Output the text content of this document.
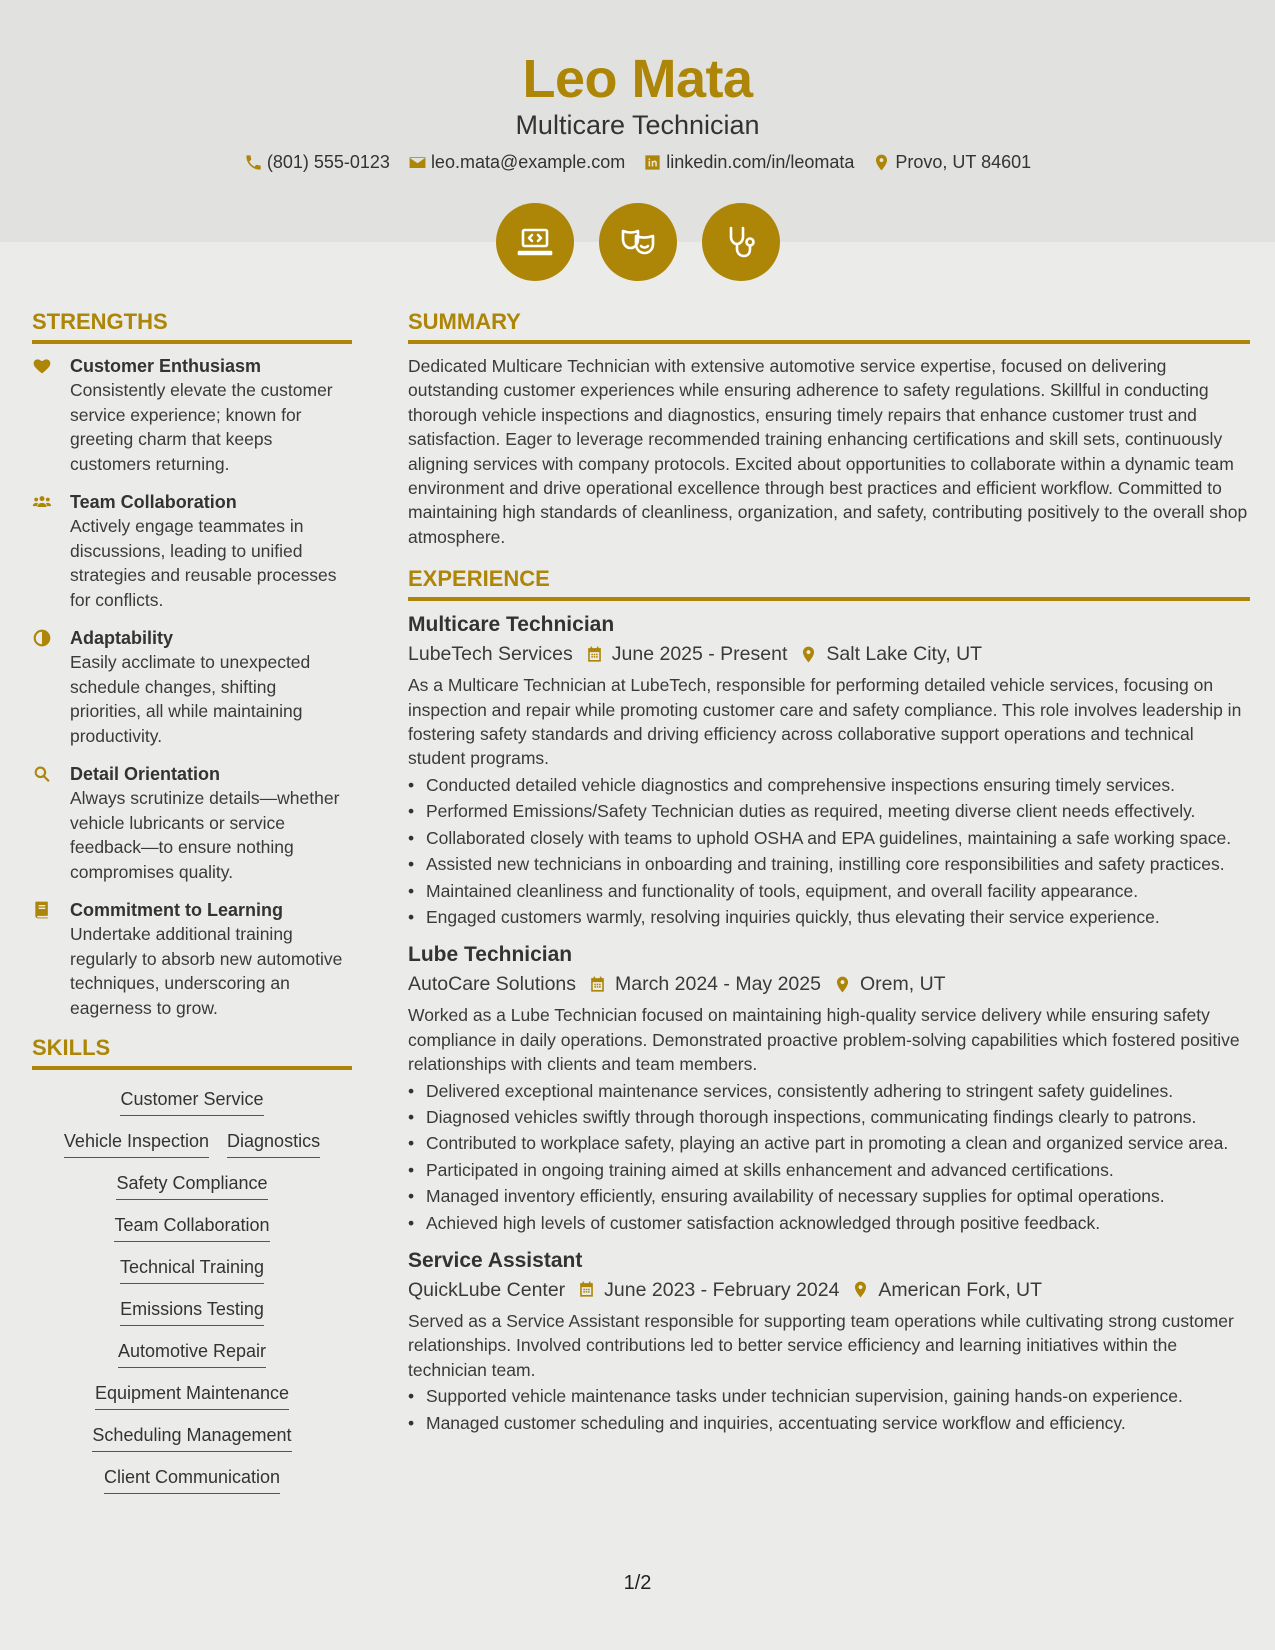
Leo Mata
Multicare Technician
(801) 555-0123 leo.mata@example.com linkedin.com/in/leomata Provo, UT 84601
STRENGTHS
Customer Enthusiasm
Consistently elevate the customer service experience; known for greeting charm that keeps customers returning.
Team Collaboration
Actively engage teammates in discussions, leading to unified strategies and reusable processes for conflicts.
Adaptability
Easily acclimate to unexpected schedule changes, shifting priorities, all while maintaining productivity.
Detail Orientation
Always scrutinize details—whether vehicle lubricants or service feedback—to ensure nothing compromises quality.
Commitment to Learning
Undertake additional training regularly to absorb new automotive techniques, underscoring an eagerness to grow.
SKILLS
Customer Service
Vehicle Inspection Diagnostics
Safety Compliance
Team Collaboration
Technical Training
Emissions Testing
Automotive Repair
Equipment Maintenance
Scheduling Management
Client Communication
SUMMARY
Dedicated Multicare Technician with extensive automotive service expertise, focused on delivering outstanding customer experiences while ensuring adherence to safety regulations. Skillful in conducting thorough vehicle inspections and diagnostics, ensuring timely repairs that enhance customer trust and satisfaction. Eager to leverage recommended training enhancing certifications and skill sets, continuously aligning services with company protocols. Excited about opportunities to collaborate within a dynamic team environment and drive operational excellence through best practices and efficient workflow. Committed to maintaining high standards of cleanliness, organization, and safety, contributing positively to the overall shop atmosphere.
EXPERIENCE
Multicare Technician
LubeTech Services June 2025 - Present Salt Lake City, UT
As a Multicare Technician at LubeTech, responsible for performing detailed vehicle services, focusing on inspection and repair while promoting customer care and safety compliance. This role involves leadership in fostering safety standards and driving efficiency across collaborative support operations and technical student programs.
• Conducted detailed vehicle diagnostics and comprehensive inspections ensuring timely services.
• Performed Emissions/Safety Technician duties as required, meeting diverse client needs effectively.
• Collaborated closely with teams to uphold OSHA and EPA guidelines, maintaining a safe working space.
• Assisted new technicians in onboarding and training, instilling core responsibilities and safety practices.
• Maintained cleanliness and functionality of tools, equipment, and overall facility appearance.
• Engaged customers warmly, resolving inquiries quickly, thus elevating their service experience.
Lube Technician
AutoCare Solutions March 2024 - May 2025 Orem, UT
Worked as a Lube Technician focused on maintaining high-quality service delivery while ensuring safety compliance in daily operations. Demonstrated proactive problem-solving capabilities which fostered positive relationships with clients and team members.
• Delivered exceptional maintenance services, consistently adhering to stringent safety guidelines.
• Diagnosed vehicles swiftly through thorough inspections, communicating findings clearly to patrons.
• Contributed to workplace safety, playing an active part in promoting a clean and organized service area.
• Participated in ongoing training aimed at skills enhancement and advanced certifications.
• Managed inventory efficiently, ensuring availability of necessary supplies for optimal operations.
• Achieved high levels of customer satisfaction acknowledged through positive feedback.
Service Assistant
QuickLube Center June 2023 - February 2024 American Fork, UT
Served as a Service Assistant responsible for supporting team operations while cultivating strong customer relationships. Involved contributions led to better service efficiency and learning initiatives within the technician team.
• Supported vehicle maintenance tasks under technician supervision, gaining hands-on experience.
• Managed customer scheduling and inquiries, accentuating service workflow and efficiency.
1/2
